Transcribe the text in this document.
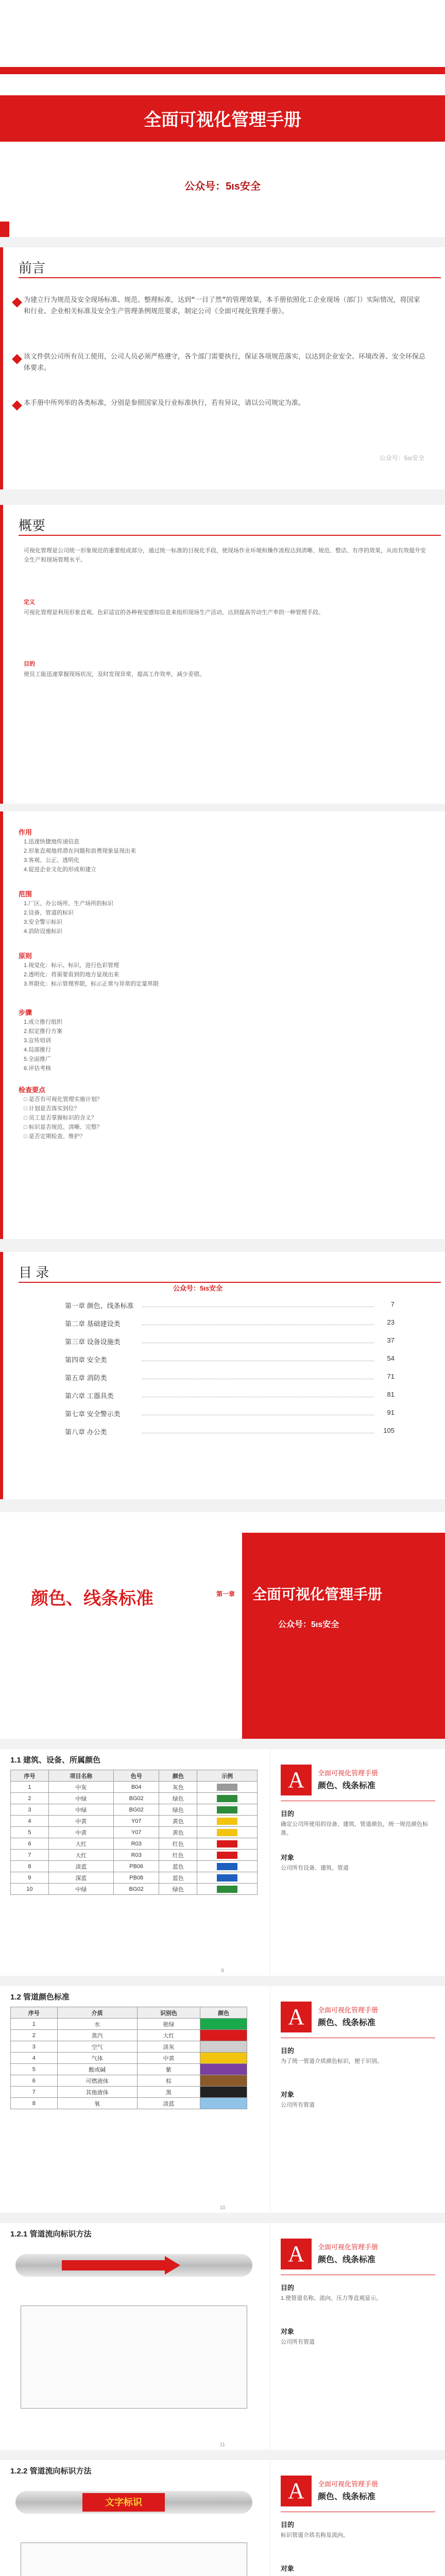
全面可视化管理手册
公众号：5ιs安全
前言
为建立行为规范及安全现场标准、规范、整理标准，达到“一目了然”的管理效果，本手册依照化工企业现场（部门）实际情况，将国家和行业、企业相关标准及安全生产管理条例规范要求，制定公司《全面可视化管理手册》。
该文件供公司所有员工使用，公司人员必须严格遵守，各个部门需要执行，保证各项规范落实，以达到企业安全、环境改善、安全环保总体要求。
本手册中所列举的各类标准，分别是参照国家及行业标准执行，若有异议，请以公司规定为准。
公众号：5ιs安全
概要
可视化管理是公司统一形象规范的重要组成部分，通过统一标准的目视化手段，使现场作业环境和操作流程达到清晰、规范、整洁、有序的效果，从而有效提升安全生产和现场管理水平。
定义
可视化管理是利用形象直观、色彩适宜的各种视觉感知信息来组织现场生产活动，达到提高劳动生产率的一种管理手段。
目的
使员工能迅速掌握现场状况，及时发现异常，提高工作效率，减少差错。
作用
1.迅速快捷地传递信息
2.形象直观地将潜在问题和浪费现象显现出来
3.客观、公正、透明化
4.促进企业文化的形成和建立
范围
1.厂区、办公场所、生产场所的标识
2.设备、管道的标识
3.安全警示标识
4.消防设施标识
原则
1.视觉化：标示、标识，进行色彩管理
2.透明化：将需要看到的地方显现出来
3.界限化：标示管理界限，标示正常与异常的定量界限
步骤
1.成立推行组织
2.拟定推行方案
3.宣传培训
4.局部推行
5.全面推广
6.评估考核
检查要点
□ 是否有可视化管理实施计划？
□ 计划是否落实到位？
□ 员工是否掌握标识的含义？
□ 标识是否规范、清晰、完整？
□ 是否定期检查、维护？
目 录
第一章 颜色、线条标准	7
第二章 基础建设类	23
第三章 设备设施类	37
第四章 安全类	54
第五章 消防类	71
第六章 工器具类	81
第七章 安全警示类	91
第八章 办公类	105
公众号：5ιs安全
颜色、线条标准	第一章 全面可视化管理手册
公众号：5ιs安全
1.1 建筑、设备、所属颜色
序号	项目名称	色号	颜色	示例
1	中灰	B04	灰色	
2	中绿	BG02	绿色	
3	中绿	BG02	绿色	
4	中黄	Y07	黄色	
5	中黄	Y07	黄色	
6	大红	R03	红色	
7	大红	R03	红色	
8	淡蓝	PB06	蓝色	
9	深蓝	PB08	蓝色	
10	中绿	BG02	绿色	
A	全面可视化管理手册
颜色、线条标准
目的
确定公司所使用的设备、建筑、管道颜色，统一规范颜色标准。
对象
公司所有设备、建筑、管道
9
1.2 管道颜色标准
序号	介质	识别色	颜色
1	水	艳绿	
2	蒸汽	大红	
3	空气	淡灰	
4	气体	中黄	
5	酸或碱	紫	
6	可燃液体	棕	
7	其他液体	黑	
8	氧	淡蓝	
A	全面可视化管理手册
颜色、线条标准
目的
为了统一管道介质颜色标识，便于识别。
对象
公司所有管道
10
1.2.1 管道流向标识方法
A	全面可视化管理手册
颜色、线条标准
目的
1.使管道名称、流向、压力等直观显示。
对象
公司所有管道
11
1.2.2 管道流向标识方法
文字标识	A	全面可视化管理手册
颜色、线条标准
目的
标识管道介质名称及流向。
对象
